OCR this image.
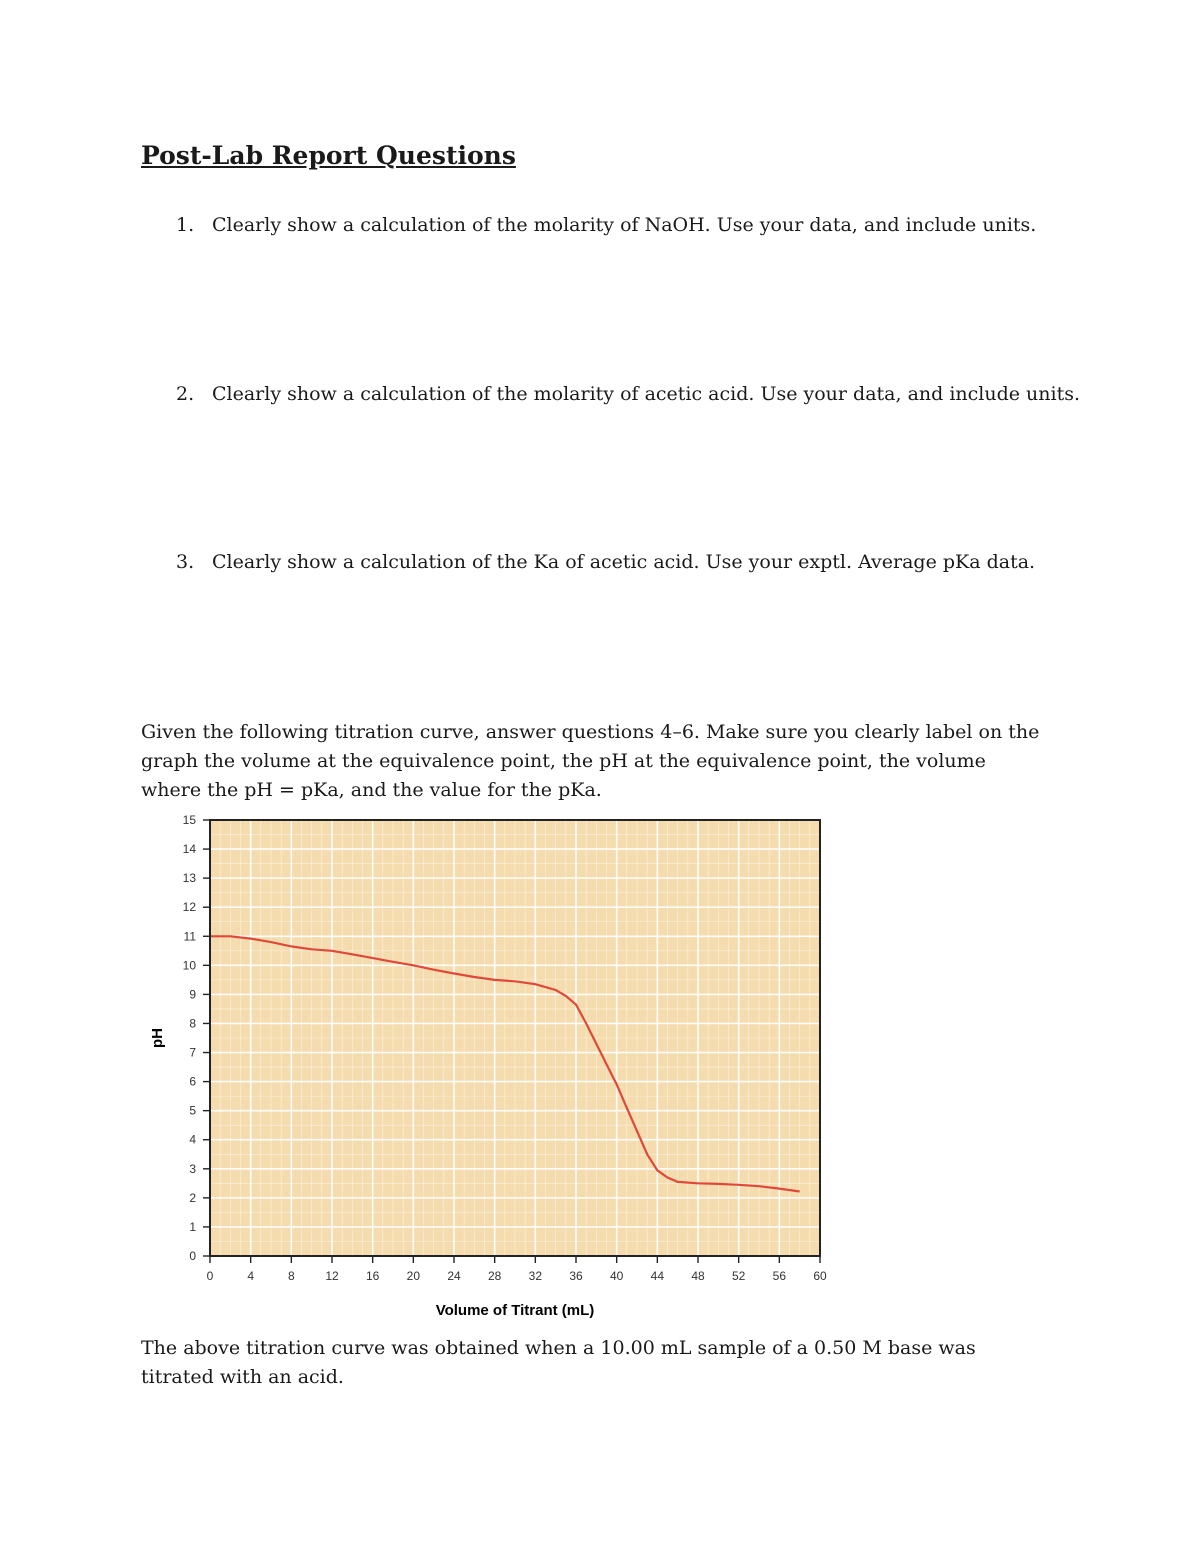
Post-Lab Report Questions
1. Clearly show a calculation of the molarity of NaOH. Use your data, and include units.
2. Clearly show a calculation of the molarity of acetic acid. Use your data, and include units.
3. Clearly show a calculation of the Ka of acetic acid. Use your exptl. Average pKa data.
Given the following titration curve, answer questions 4–6. Make sure you clearly label on the graph the volume at the equivalence point, the pH at the equivalence point, the volume where the pH = pKa, and the value for the pKa.
0
1
2
3
4
5
6
7
8
9
10
11
12
13
14
15
0	4	8	12 16 20 24 28 32 36 40 44 48 52 56 60
pH
Volume of Titrant (mL)
The above titration curve was obtained when a 10.00 mL sample of a 0.50 M base was titrated with an acid.
